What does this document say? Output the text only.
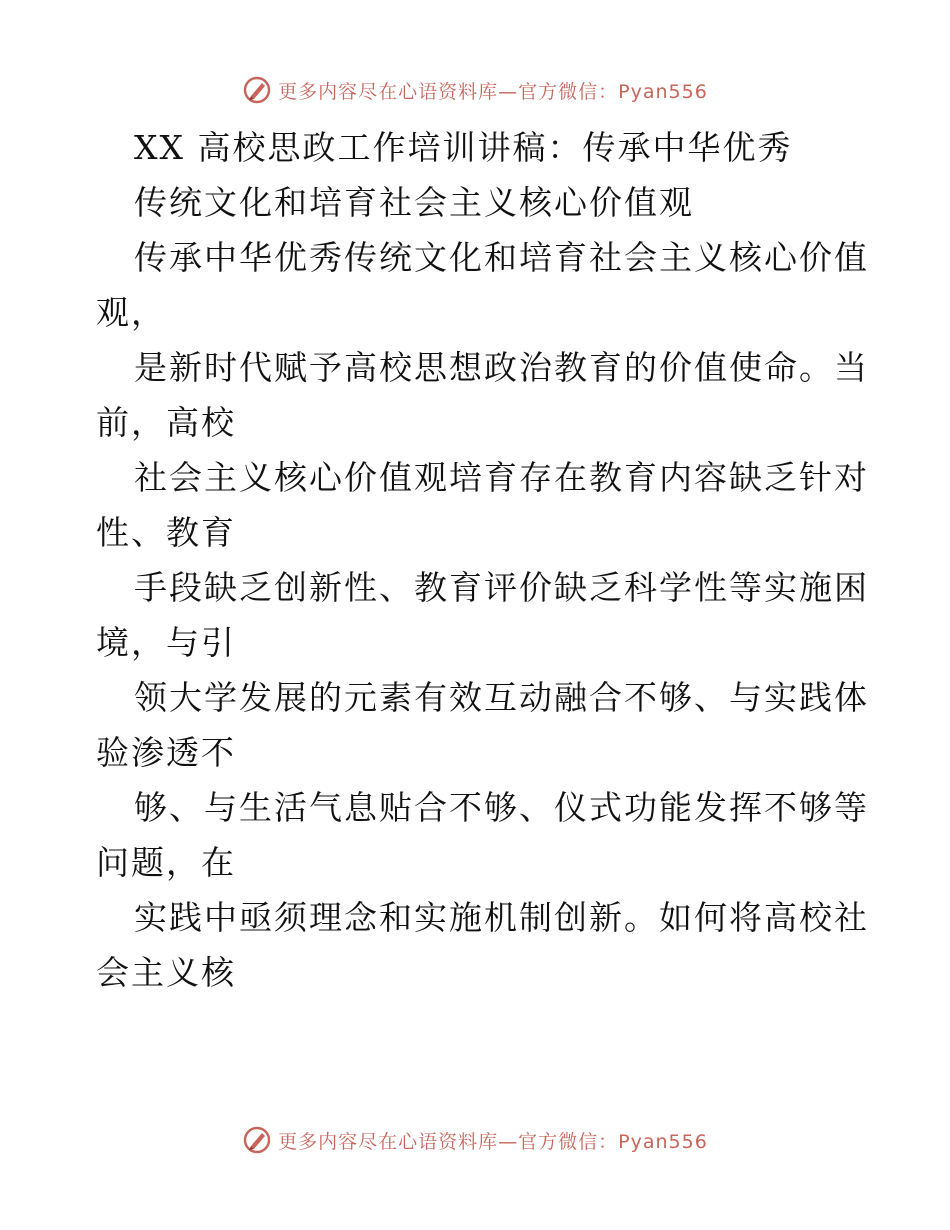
更多内容尽在心语资料库—官方微信：Pyan556
XX 高校思政工作培训讲稿：传承中华优秀
传统文化和培育社会主义核心价值观
传承中华优秀传统文化和培育社会主义核心价值
观，
是新时代赋予高校思想政治教育的价值使命。当
前，高校
社会主义核心价值观培育存在教育内容缺乏针对
性、教育
手段缺乏创新性、教育评价缺乏科学性等实施困
境，与引
领大学发展的元素有效互动融合不够、与实践体
验渗透不
够、与生活气息贴合不够、仪式功能发挥不够等
问题，在
实践中亟须理念和实施机制创新。如何将高校社
会主义核
更多内容尽在心语资料库—官方微信：Pyan556
